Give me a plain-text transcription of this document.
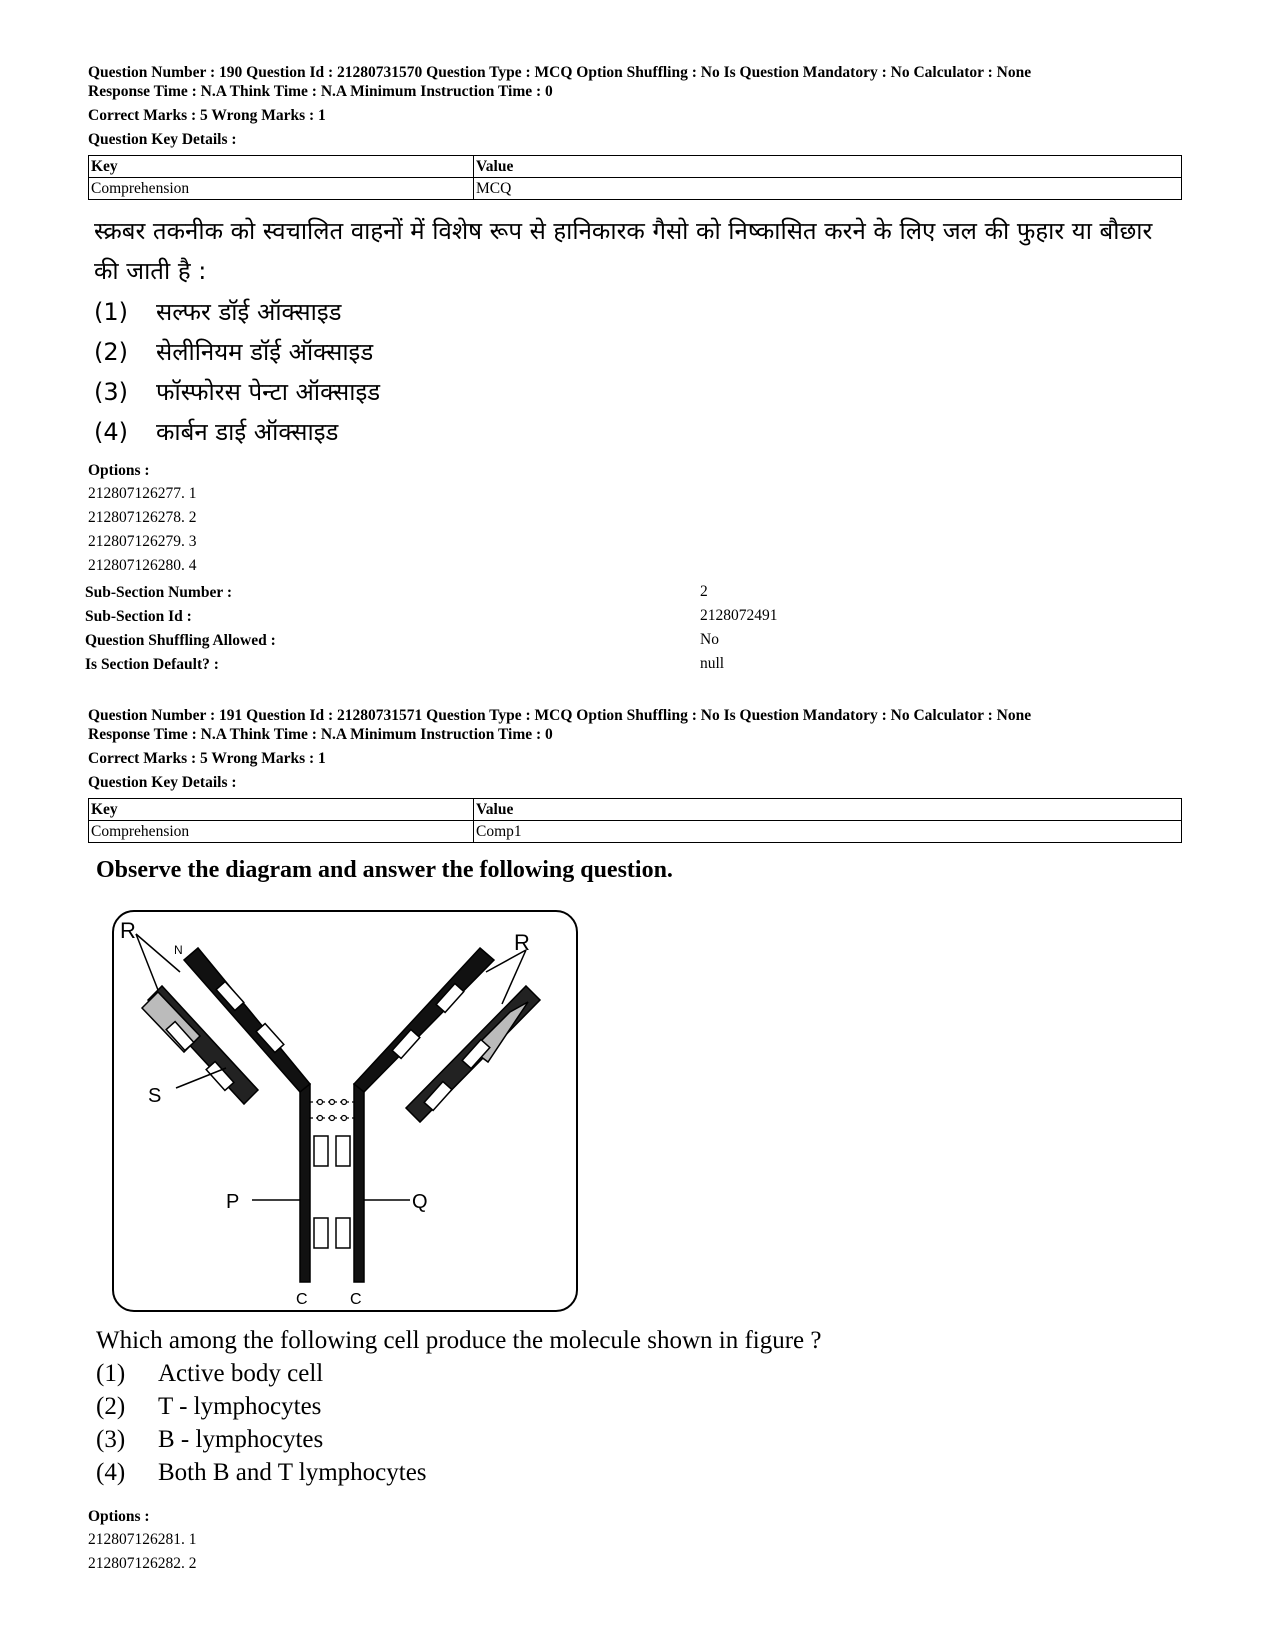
Question Number : 190 Question Id : 21280731570 Question Type : MCQ Option Shuffling : No Is Question Mandatory : No Calculator : None
Response Time : N.A Think Time : N.A Minimum Instruction Time : 0
Correct Marks : 5 Wrong Marks : 1
Question Key Details :
Key	Value
Comprehension	MCQ
स्क्रबर तकनीक को स्वचालित वाहनों में विशेष रूप से हानिकारक गैसो को निष्कासित करने के लिए जल की फुहार या बौछार
की जाती है :
(1) सल्फर डॉई ऑक्साइड
(2) सेलीनियम डॉई ऑक्साइड
(3) फॉस्फोरस पेन्टा ऑक्साइड
(4) कार्बन डाई ऑक्साइड
Options :
212807126277. 1
212807126278. 2
212807126279. 3
212807126280. 4
Sub-Section Number :	2
Sub-Section Id :	2128072491
Question Shuffling Allowed :	No
Is Section Default? :	null
Question Number : 191 Question Id : 21280731571 Question Type : MCQ Option Shuffling : No Is Question Mandatory : No Calculator : None
Response Time : N.A Think Time : N.A Minimum Instruction Time : 0
Correct Marks : 5 Wrong Marks : 1
Question Key Details :
Key	Value
Comprehension	Comp1
Observe the diagram and answer the following question.
R	R
N
S
P	Q
C	C
Which among the following cell produce the molecule shown in figure ?
(1) Active body cell
(2) T - lymphocytes
(3) B - lymphocytes
(4) Both B and T lymphocytes
Options :
212807126281. 1
212807126282. 2
